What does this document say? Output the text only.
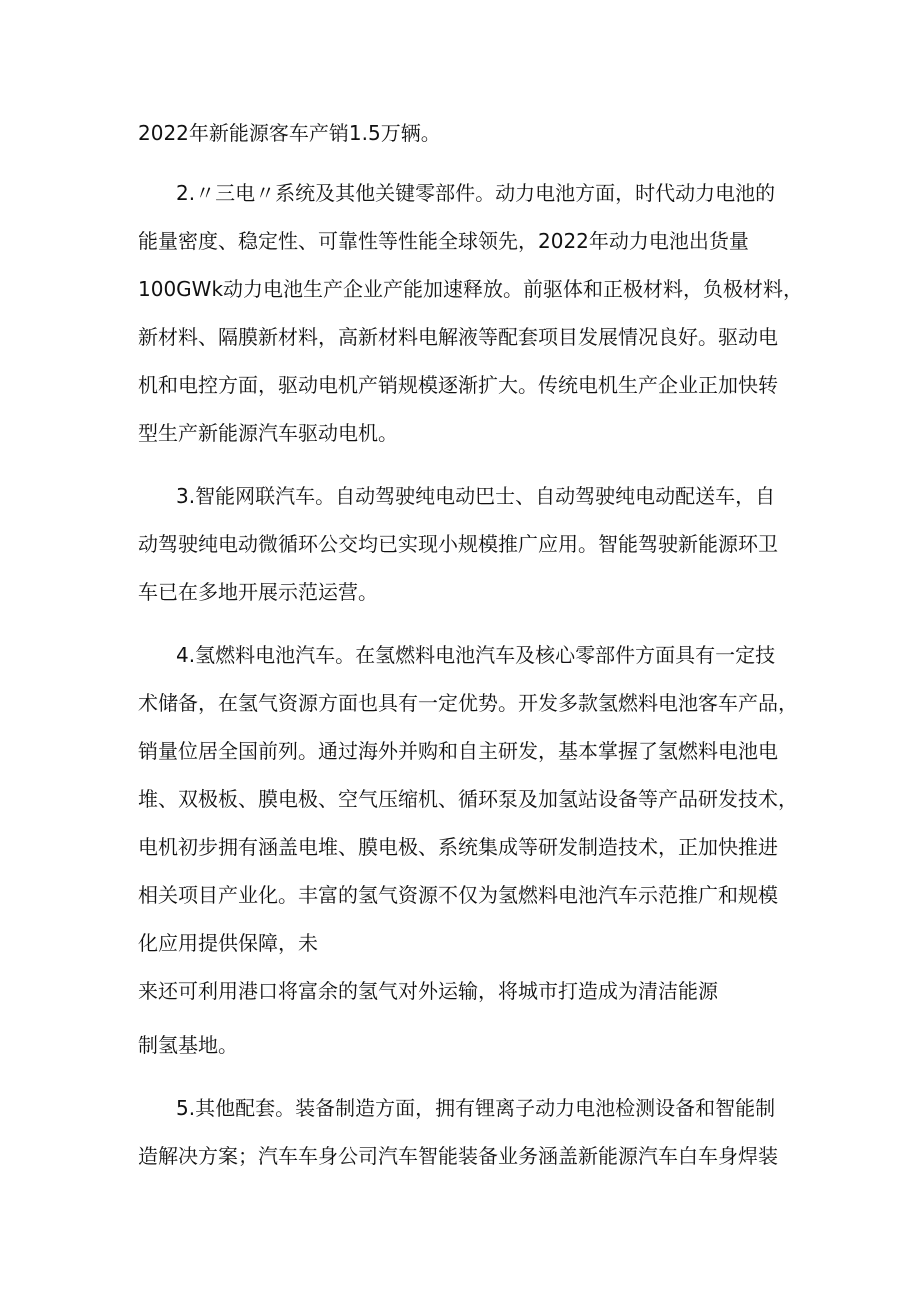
2022年新能源客车产销1.5万辆。
2.〃三电〃系统及其他关键零部件。动力电池方面，时代动力电池的
能量密度、稳定性、可靠性等性能全球领先，2022年动力电池出货量
100GWk动力电池生产企业产能加速释放。前驱体和正极材料，负极材料，
新材料、隔膜新材料，高新材料电解液等配套项目发展情况良好。驱动电
机和电控方面，驱动电机产销规模逐渐扩大。传统电机生产企业正加快转
型生产新能源汽车驱动电机。
3.智能网联汽车。自动驾驶纯电动巴士、自动驾驶纯电动配送车，自
动驾驶纯电动微循环公交均已实现小规模推广应用。智能驾驶新能源环卫
车已在多地开展示范运营。
4.氢燃料电池汽车。在氢燃料电池汽车及核心零部件方面具有一定技
术储备，在氢气资源方面也具有一定优势。开发多款氢燃料电池客车产品，
销量位居全国前列。通过海外并购和自主研发，基本掌握了氢燃料电池电
堆、双极板、膜电极、空气压缩机、循环泵及加氢站设备等产品研发技术，
电机初步拥有涵盖电堆、膜电极、系统集成等研发制造技术，正加快推进
相关项目产业化。丰富的氢气资源不仅为氢燃料电池汽车示范推广和规模
化应用提供保障，未
来还可利用港口将富余的氢气对外运输，将城市打造成为清洁能源
制氢基地。
5.其他配套。装备制造方面，拥有锂离子动力电池检测设备和智能制
造解决方案；汽车车身公司汽车智能装备业务涵盖新能源汽车白车身焊装
